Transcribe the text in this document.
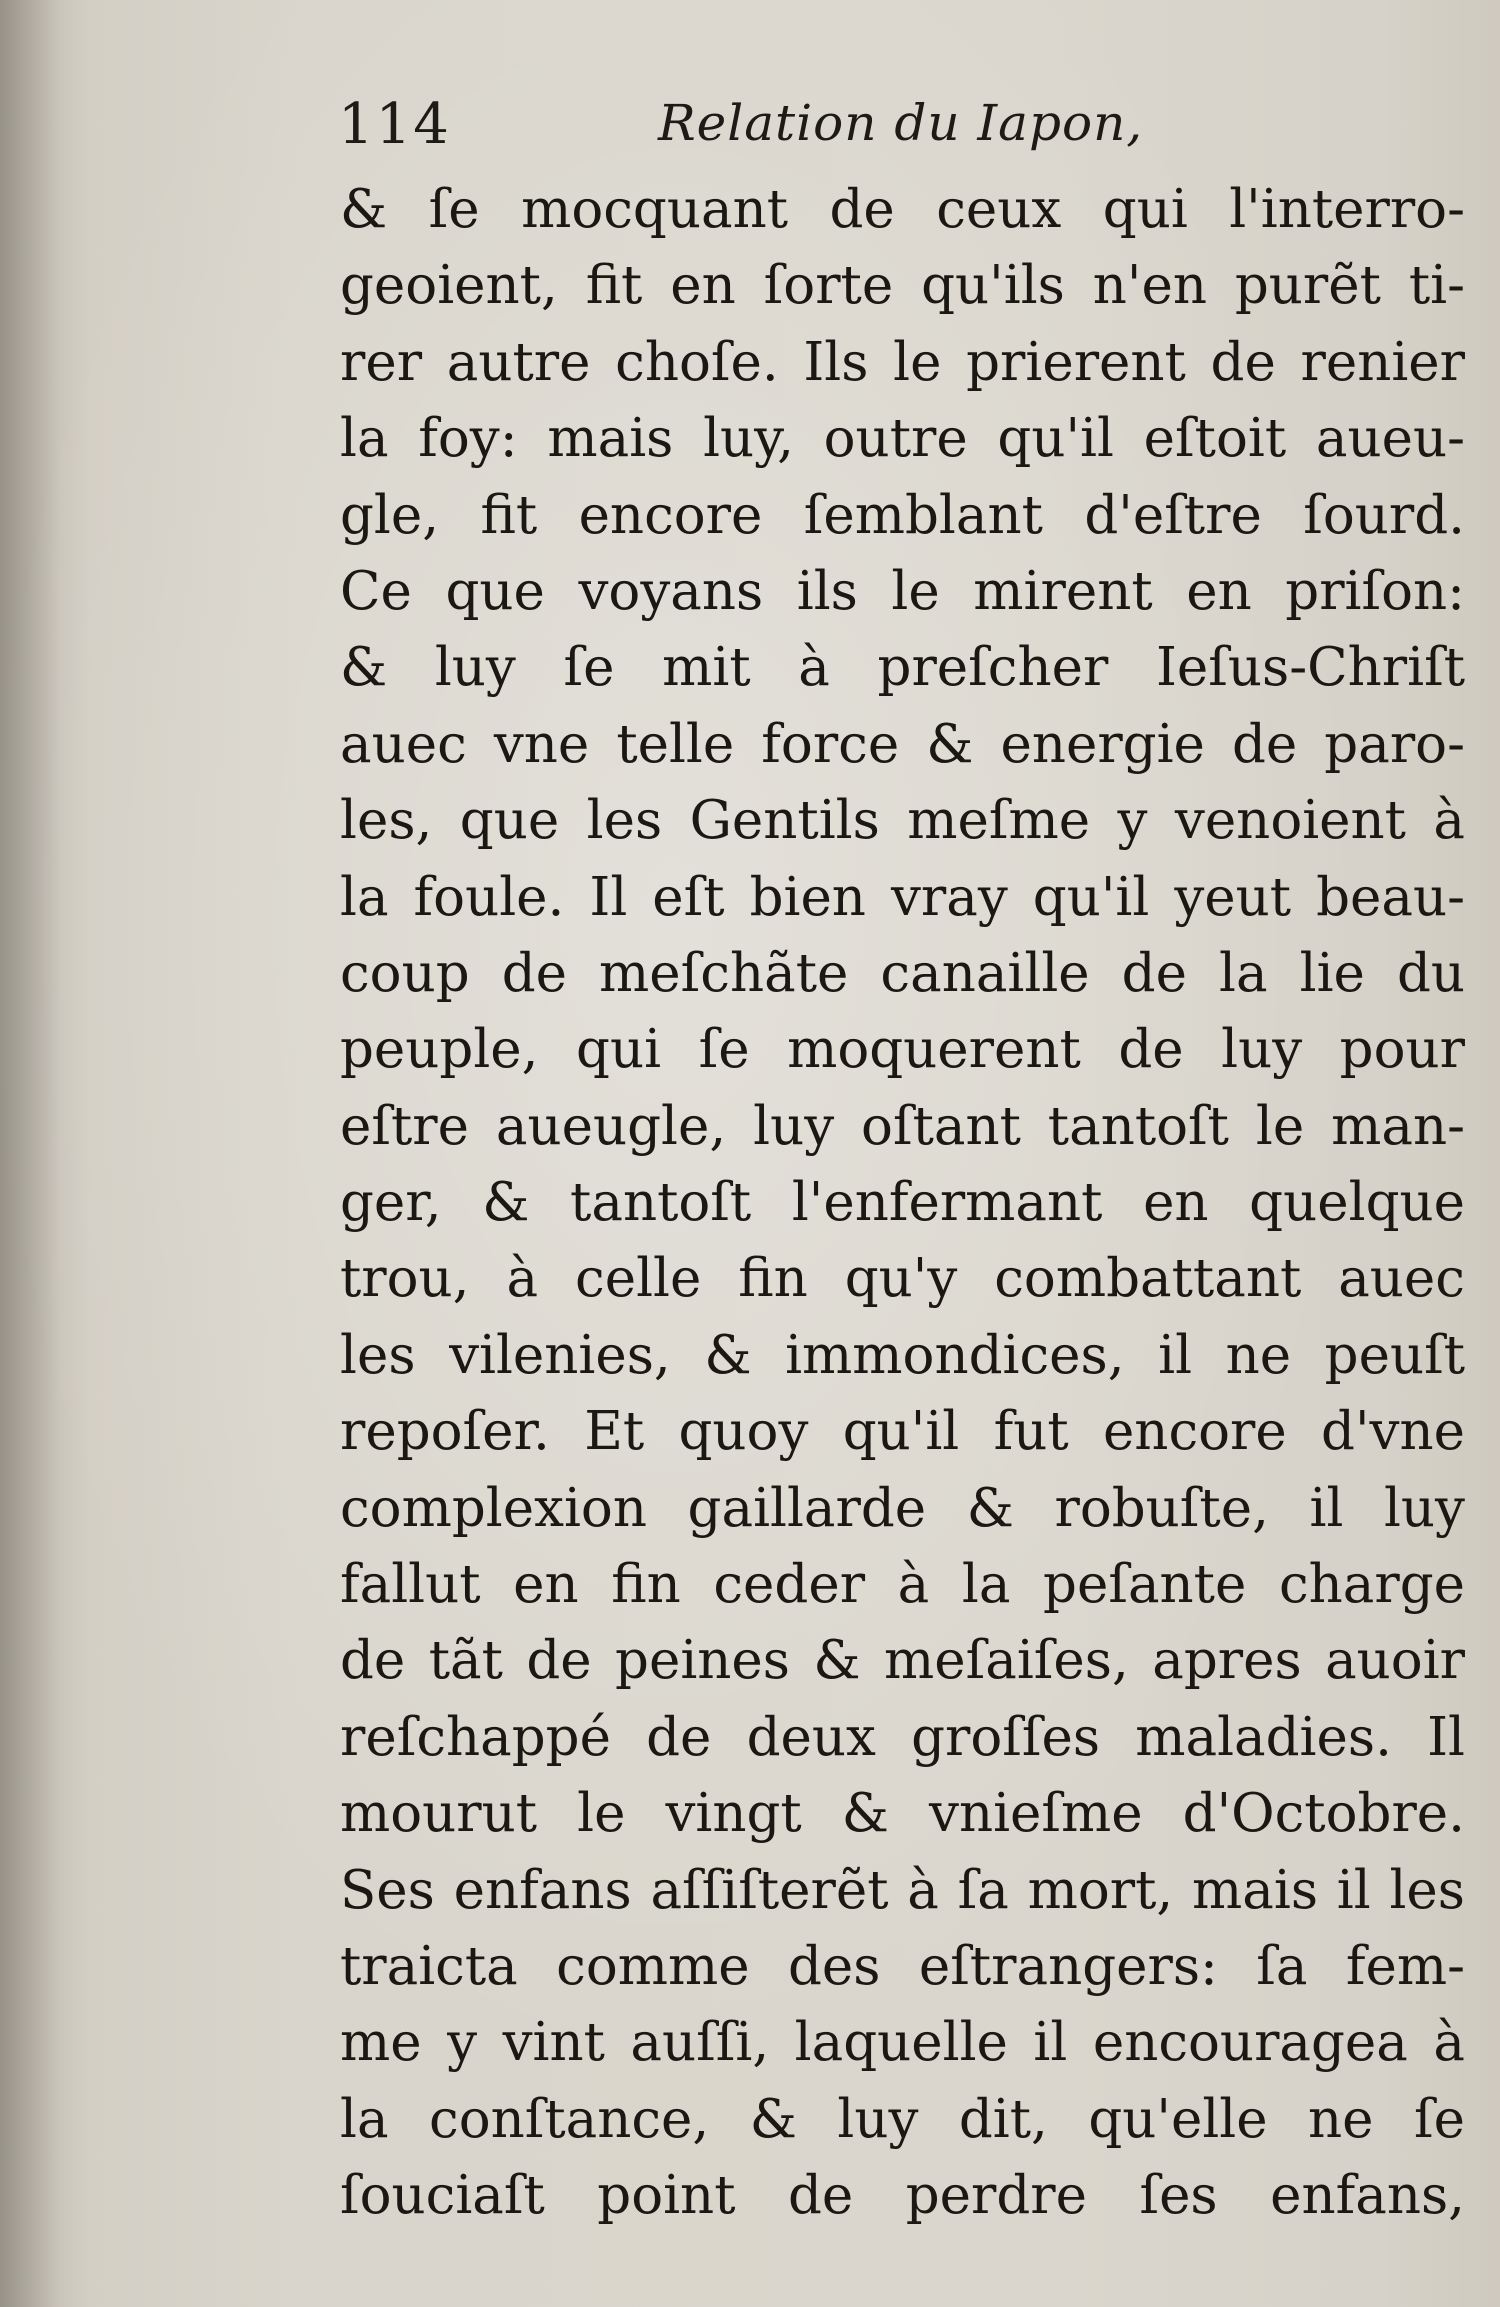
114	Relation du Iapon,
& ſe mocquant de ceux qui l'interro-
geoient, fit en ſorte qu'ils n'en purẽt ti-
rer autre choſe. Ils le prierent de renier
la foy: mais luy, outre qu'il eſtoit aueu-
gle, fit encore ſemblant d'eſtre ſourd.
Ce que voyans ils le mirent en priſon:
& luy ſe mit à preſcher Ieſus-Chriſt
auec vne telle force & energie de paro-
les, que les Gentils meſme y venoient à
la foule. Il eſt bien vray qu'il yeut beau-
coup de meſchãte canaille de la lie du
peuple, qui ſe moquerent de luy pour
eſtre aueugle, luy oſtant tantoſt le man-
ger, & tantoſt l'enfermant en quelque
trou, à celle fin qu'y combattant auec
les vilenies, & immondices, il ne peuſt
repoſer. Et quoy qu'il fut encore d'vne
complexion gaillarde & robuſte, il luy
fallut en fin ceder à la peſante charge
de tãt de peines & meſaiſes, apres auoir
reſchappé de deux groſſes maladies. Il
mourut le vingt & vnieſme d'Octobre.
Ses enfans aſſiſterẽt à ſa mort, mais il les
traicta comme des eſtrangers: ſa fem-
me y vint auſſi, laquelle il encouragea à
la conſtance, & luy dit, qu'elle ne ſe
ſouciaſt point de perdre ſes enfans,
